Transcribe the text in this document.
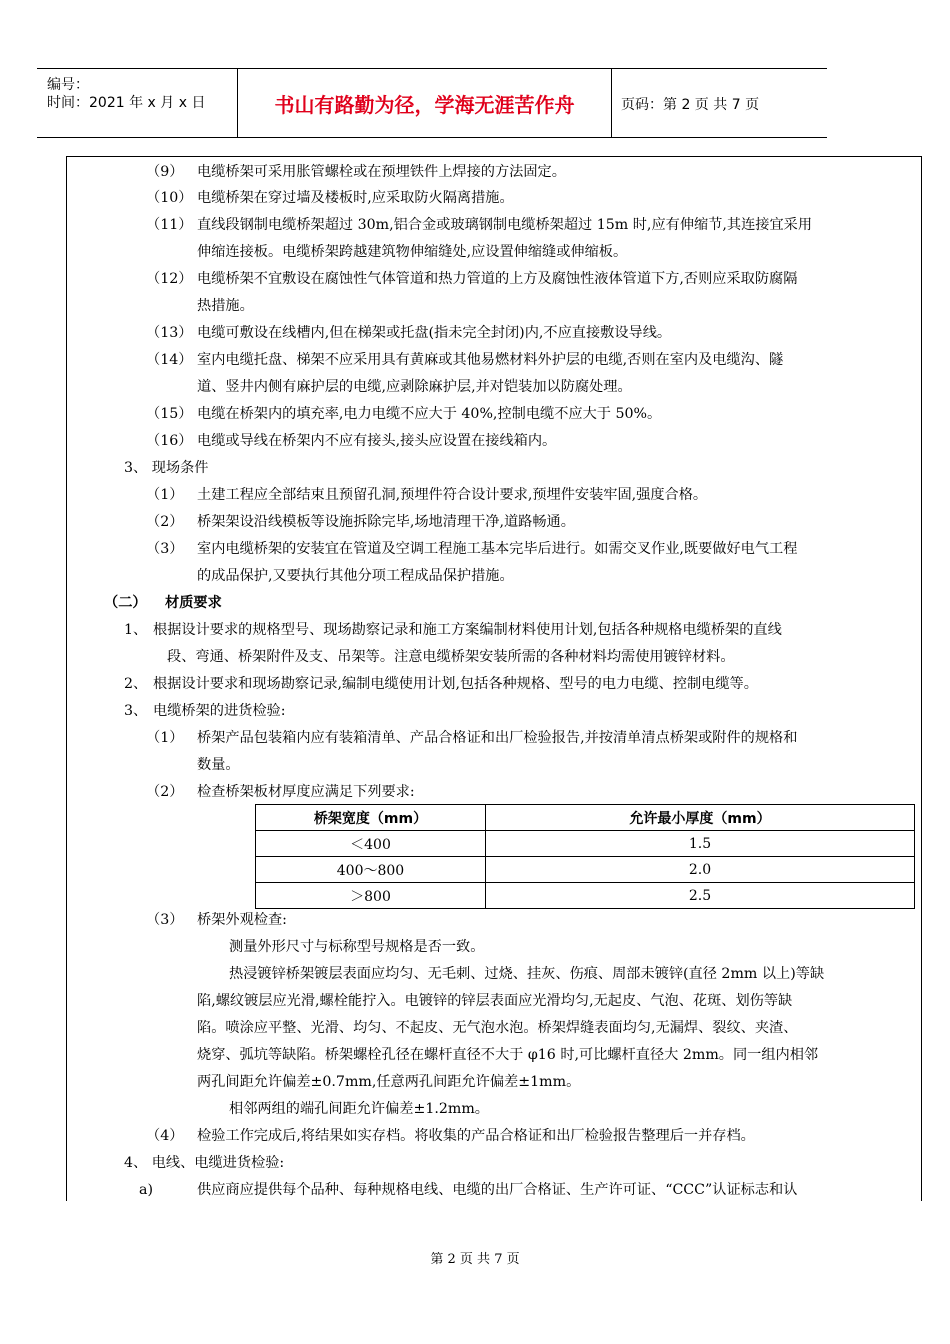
编号：
时间：2021 年 x 月 x 日	书山有路勤为径，学海无涯苦作舟	页码：第 2 页 共 7 页
（9） 电缆桥架可采用胀管螺栓或在预埋铁件上焊接的方法固定。
（10） 电缆桥架在穿过墙及楼板时,应采取防火隔离措施。
（11） 直线段钢制电缆桥架超过 30m,铝合金或玻璃钢制电缆桥架超过 15m 时,应有伸缩节,其连接宜采用
伸缩连接板。电缆桥架跨越建筑物伸缩缝处,应设置伸缩缝或伸缩板。
（12） 电缆桥架不宜敷设在腐蚀性气体管道和热力管道的上方及腐蚀性液体管道下方,否则应采取防腐隔
热措施。
（13） 电缆可敷设在线槽内,但在梯架或托盘(指未完全封闭)内,不应直接敷设导线。
（14） 室内电缆托盘、梯架不应采用具有黄麻或其他易燃材料外护层的电缆,否则在室内及电缆沟、隧
道、竖井内侧有麻护层的电缆,应剥除麻护层,并对铠装加以防腐处理。
（15） 电缆在桥架内的填充率,电力电缆不应大于 40%,控制电缆不应大于 50%。
（16） 电缆或导线在桥架内不应有接头,接头应设置在接线箱内。
3、 现场条件
（1） 土建工程应全部结束且预留孔洞,预埋件符合设计要求,预埋件安装牢固,强度合格。
（2） 桥架架设沿线模板等设施拆除完毕,场地清理干净,道路畅通。
（3） 室内电缆桥架的安装宜在管道及空调工程施工基本完毕后进行。如需交叉作业,既要做好电气工程
的成品保护,又要执行其他分项工程成品保护措施。
（二） 材质要求
1、 根据设计要求的规格型号、现场勘察记录和施工方案编制材料使用计划,包括各种规格电缆桥架的直线
段、弯通、桥架附件及支、吊架等。注意电缆桥架安装所需的各种材料均需使用镀锌材料。
2、 根据设计要求和现场勘察记录,编制电缆使用计划,包括各种规格、型号的电力电缆、控制电缆等。
3、 电缆桥架的进货检验:
（1） 桥架产品包装箱内应有装箱清单、产品合格证和出厂检验报告,并按清单清点桥架或附件的规格和
数量。
（2） 检查桥架板材厚度应满足下列要求:
桥架宽度（mm）	允许最小厚度（mm）
＜400	1.5
400～800	2.0
＞800	2.5
（3） 桥架外观检查:
测量外形尺寸与标称型号规格是否一致。
热浸镀锌桥架镀层表面应均匀、无毛刺、过烧、挂灰、伤痕、周部未镀锌(直径 2mm 以上)等缺
陷,螺纹镀层应光滑,螺栓能拧入。电镀锌的锌层表面应光滑均匀,无起皮、气泡、花斑、划伤等缺
陷。喷涂应平整、光滑、均匀、不起皮、无气泡水泡。桥架焊缝表面均匀,无漏焊、裂纹、夹渣、
烧穿、弧坑等缺陷。桥架螺栓孔径在螺杆直径不大于 φ16 时,可比螺杆直径大 2mm。同一组内相邻
两孔间距允许偏差±0.7mm,任意两孔间距允许偏差±1mm。
相邻两组的端孔间距允许偏差±1.2mm。
（4） 检验工作完成后,将结果如实存档。将收集的产品合格证和出厂检验报告整理后一并存档。
4、 电线、电缆进货检验:
a)	供应商应提供每个品种、每种规格电线、电缆的出厂合格证、生产许可证、“CCC”认证标志和认
第 2 页 共 7 页
